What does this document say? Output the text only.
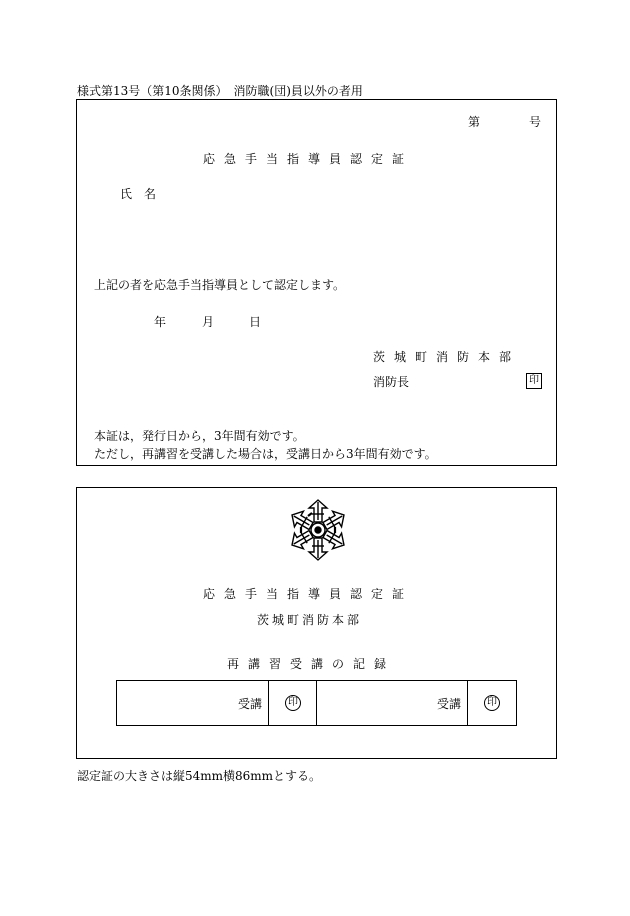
様式第13号（第10条関係）　消防職(団)員以外の者用
第	号
応急手当指導員認定証
氏　名
上記の者を応急手当指導員として認定します。
年	月	日
茨城町消防本部
消防長	印
本証は，発行日から，3年間有効です。
ただし，再講習を受講した場合は，受講日から3年間有効です。
応急手当指導員認定証
茨城町消防本部
再講習受講の記録
受講	印	受講	印
認定証の大きさは縦54mm横86mmとする。
